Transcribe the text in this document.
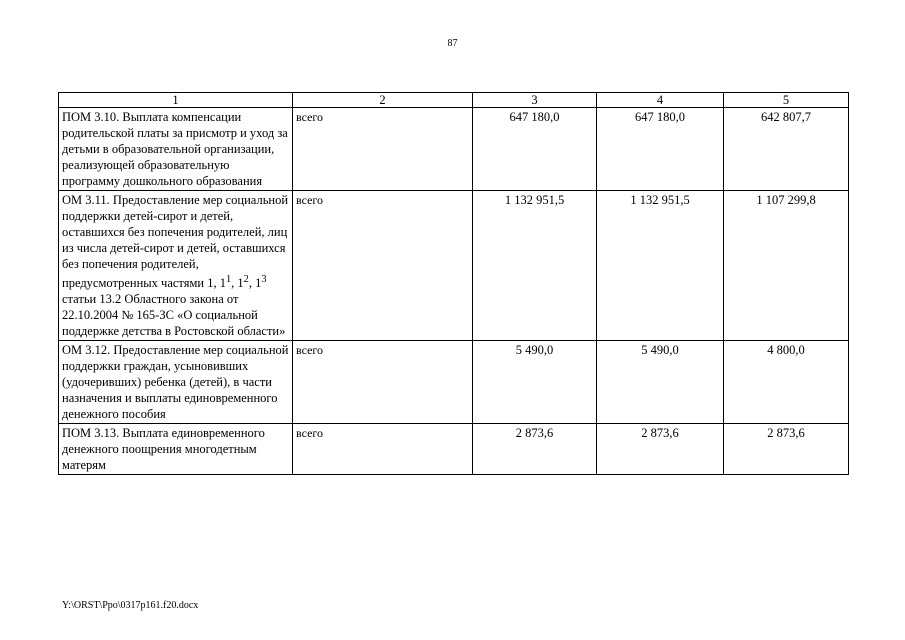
87
1	2	3	4	5
ПОМ 3.10. Выплата компенсации родительской платы за присмотр и уход за детьми в образовательной организации, реализующей образовательную программу дошкольного образования	всего	647 180,0	647 180,0	642 807,7
ОМ 3.11. Предоставление мер социальной поддержки детей-сирот и детей, оставшихся без попечения родителей, лиц из числа детей-сирот и детей, оставшихся без попечения родителей, предусмотренных частями 1, $1^1$, $1^2$, $1^3$ статьи 13.2 Областного закона от 22.10.2004 № 165-ЗС «О социальной поддержке детства в Ростовской области»	всего	1 132 951,5	1 132 951,5	1 107 299,8
ОМ 3.12. Предоставление мер социальной поддержки граждан, усыновивших (удочеривших) ребенка (детей), в части назначения и выплаты единовременного денежного пособия	всего	5 490,0	5 490,0	4 800,0
ПОМ 3.13. Выплата единовременного денежного поощрения многодетным матерям	всего	2 873,6	2 873,6	2 873,6
Y:\ORST\Ppo\0317p161.f20.docx
